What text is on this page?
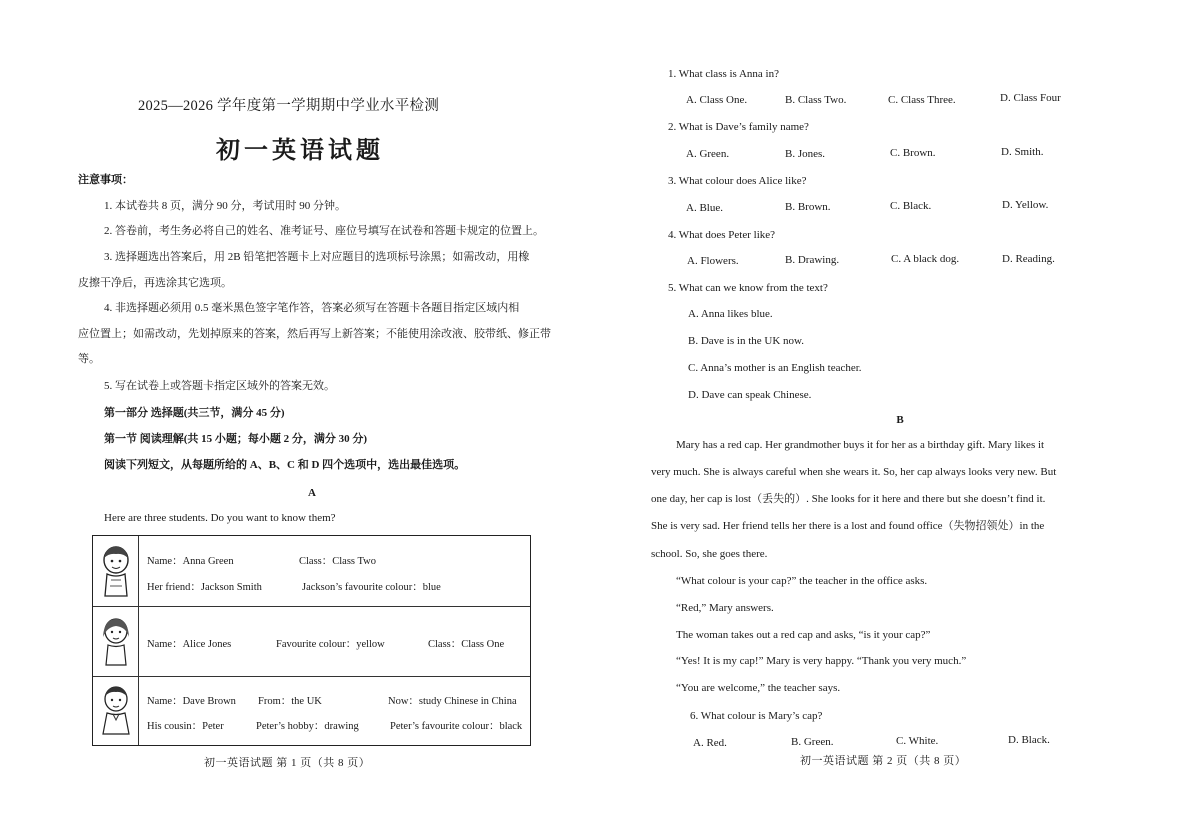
2025—2026 学年度第一学期期中学业水平检测
初一英语试题
注意事项：
1. 本试卷共 8 页，满分 90 分，考试用时 90 分钟。
2. 答卷前，考生务必将自己的姓名、准考证号、座位号填写在试卷和答题卡规定的位置上。
3. 选择题选出答案后，用 2B 铅笔把答题卡上对应题目的选项标号涂黑；如需改动，用橡
皮擦干净后，再选涂其它选项。
4. 非选择题必须用 0.5 毫米黑色签字笔作答，答案必须写在答题卡各题目指定区域内相
应位置上；如需改动，先划掉原来的答案，然后再写上新答案；不能使用涂改液、胶带纸、修正带
等。
5. 写在试卷上或答题卡指定区域外的答案无效。
第一部分 选择题(共三节，满分 45 分)
第一节 阅读理解(共 15 小题；每小题 2 分，满分 30 分)
阅读下列短文，从每题所给的 A、B、C 和 D 四个选项中，选出最佳选项。
A
Here are three students. Do you want to know them?
Name：Anna Green	Class：Class Two
Her friend：Jackson Smith	Jackson’s favourite colour：blue
Name：Alice Jones	Favourite colour：yellow	Class：Class One
Name：Dave Brown From：the UK	Now：study Chinese in China
His cousin：Peter	Peter’s hobby：drawing	Peter’s favourite colour：black
初一英语试题 第 1 页（共 8 页）
1. What class is Anna in?
A. Class One.	B. Class Two.	C. Class Three.	D. Class Four
2. What is Dave’s family name?
A. Green.	B. Jones.	C. Brown.	D. Smith.
3. What colour does Alice like?
A. Blue.	B. Brown.	C. Black.	D. Yellow.
4. What does Peter like?
A. Flowers.	B. Drawing.	C. A black dog.	D. Reading.
5. What can we know from the text?
A. Anna likes blue.
B. Dave is in the UK now.
C. Anna’s mother is an English teacher.
D. Dave can speak Chinese.
B
Mary has a red cap. Her grandmother buys it for her as a birthday gift. Mary likes it
very much. She is always careful when she wears it. So, her cap always looks very new. But
one day, her cap is lost（丢失的）. She looks for it here and there but she doesn’t find it.
She is very sad. Her friend tells her there is a lost and found office（失物招领处）in the
school. So, she goes there.
“What colour is your cap?” the teacher in the office asks.
“Red,” Mary answers.
The woman takes out a red cap and asks, “is it your cap?”
“Yes! It is my cap!” Mary is very happy. “Thank you very much.”
“You are welcome,” the teacher says.
6. What colour is Mary’s cap?
A. Red.	B. Green.	C. White.	D. Black.
初一英语试题 第 2 页（共 8 页）
